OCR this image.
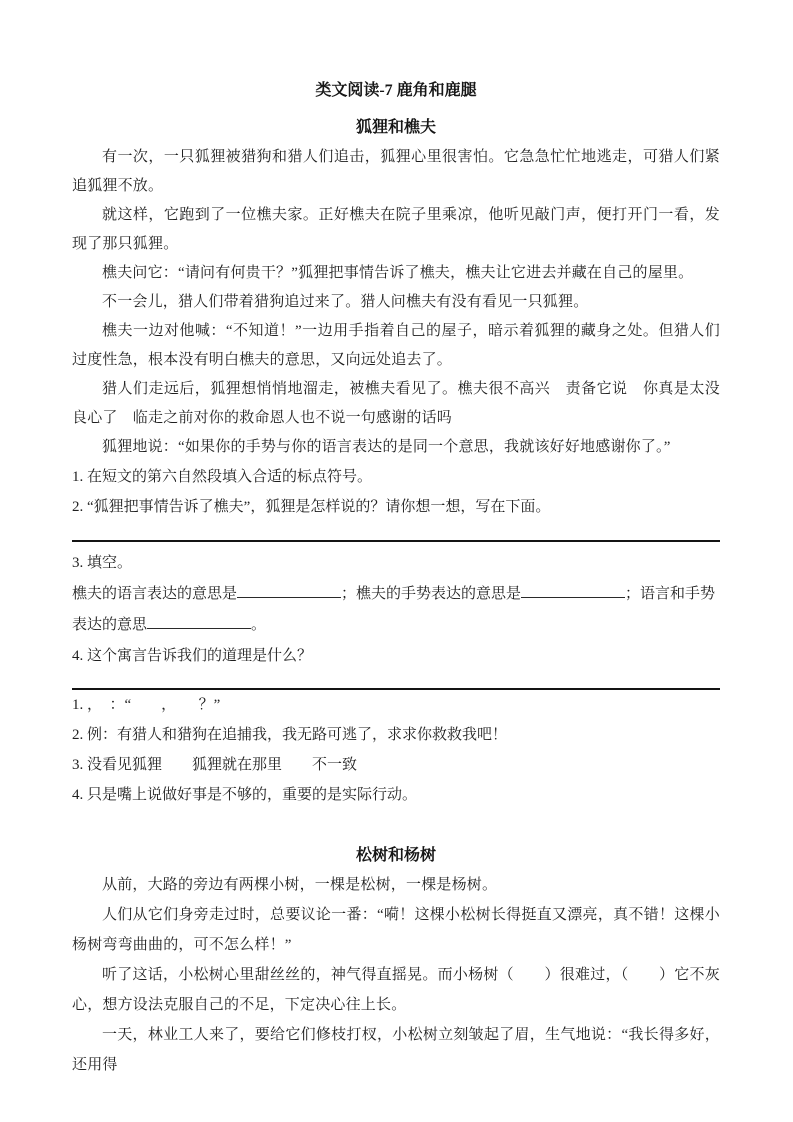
类文阅读-7 鹿角和鹿腿

狐狸和樵夫

有一次，一只狐狸被猎狗和猎人们追击，狐狸心里很害怕。它急急忙忙地逃走，可猎人们紧追狐狸不放。

就这样，它跑到了一位樵夫家。正好樵夫在院子里乘凉，他听见敲门声，便打开门一看，发现了那只狐狸。

樵夫问它：“请问有何贵干？”狐狸把事情告诉了樵夫，樵夫让它进去并藏在自己的屋里。

不一会儿，猎人们带着猎狗追过来了。猎人问樵夫有没有看见一只狐狸。

樵夫一边对他喊：“不知道！”一边用手指着自己的屋子，暗示着狐狸的藏身之处。但猎人们过度性急，根本没有明白樵夫的意思，又向远处追去了。

猎人们走远后，狐狸想悄悄地溜走，被樵夫看见了。樵夫很不高兴　责备它说　你真是太没良心了　临走之前对你的救命恩人也不说一句感谢的话吗

狐狸地说：“如果你的手势与你的语言表达的是同一个意思，我就该好好地感谢你了。”

1. 在短文的第六自然段填入合适的标点符号。

2. “狐狸把事情告诉了樵夫”，狐狸是怎样说的？请你想一想，写在下面。

3. 填空。

樵夫的语言表达的意思是	；樵夫的手势表达的意思是	；语言和手势表达的意思	。

4. 这个寓言告诉我们的道理是什么？

1. ，　：“　　，　　？”

2. 例：有猎人和猎狗在追捕我，我无路可逃了，求求你救救我吧！

3. 没看见狐狸　　狐狸就在那里　　不一致

4. 只是嘴上说做好事是不够的，重要的是实际行动。

松树和杨树

从前，大路的旁边有两棵小树，一棵是松树，一棵是杨树。

人们从它们身旁走过时，总要议论一番：“嗬！这棵小松树长得挺直又漂亮，真不错！这棵小杨树弯弯曲曲的，可不怎么样！”

听了这话，小松树心里甜丝丝的，神气得直摇晃。而小杨树（　　）很难过，（　　）它不灰心，想方设法克服自己的不足，下定决心往上长。

一天，林业工人来了，要给它们修枝打杈，小松树立刻皱起了眉，生气地说：“我长得多好，还用得
